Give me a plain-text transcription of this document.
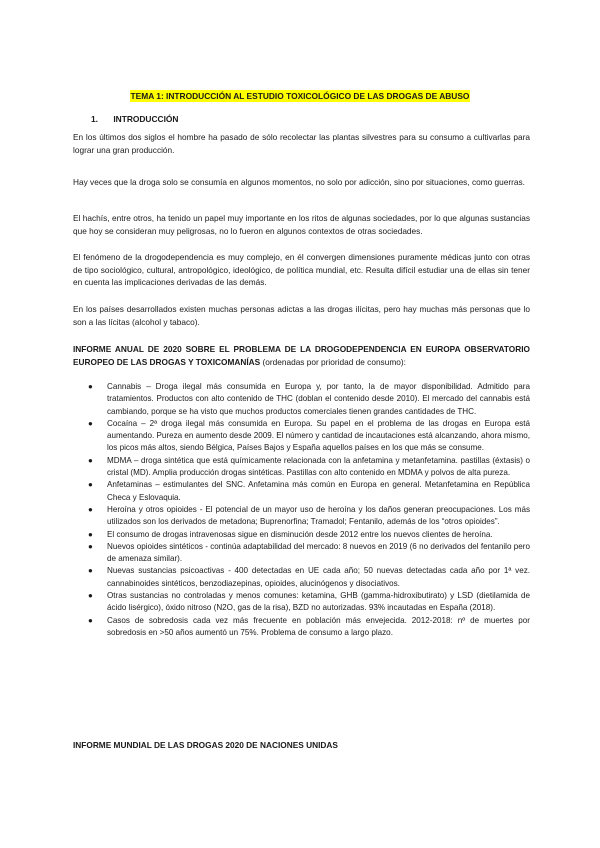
TEMA 1: INTRODUCCIÓN AL ESTUDIO TOXICOLÓGICO DE LAS DROGAS DE ABUSO
1. INTRODUCCIÓN

En los últimos dos siglos el hombre ha pasado de sólo recolectar las plantas silvestres para su consumo a cultivarlas para lograr una gran producción.

Hay veces que la droga solo se consumía en algunos momentos, no solo por adicción, sino por situaciones, como guerras.

El hachís, entre otros, ha tenido un papel muy importante en los ritos de algunas sociedades, por lo que algunas sustancias que hoy se consideran muy peligrosas, no lo fueron en algunos contextos de otras sociedades.

El fenómeno de la drogodependencia es muy complejo, en él convergen dimensiones puramente médicas junto con otras de tipo sociológico, cultural, antropológico, ideológico, de política mundial, etc. Resulta difícil estudiar una de ellas sin tener en cuenta las implicaciones derivadas de las demás.

En los países desarrollados existen muchas personas adictas a las drogas ilícitas, pero hay muchas más personas que lo son a las lícitas (alcohol y tabaco).

INFORME ANUAL DE 2020 SOBRE EL PROBLEMA DE LA DROGODEPENDENCIA EN EUROPA OBSERVATORIO EUROPEO DE LAS DROGAS Y TOXICOMANÍAS (ordenadas por prioridad de consumo):

● Cannabis – Droga ilegal más consumida en Europa y, por tanto, la de mayor disponibilidad. Admitido para tratamientos. Productos con alto contenido de THC (doblan el contenido desde 2010). El mercado del cannabis está cambiando, porque se ha visto que muchos productos comerciales tienen grandes cantidades de THC.
● Cocaína – 2ª droga ilegal más consumida en Europa. Su papel en el problema de las drogas en Europa está aumentando. Pureza en aumento desde 2009. El número y cantidad de incautaciones está alcanzando, ahora mismo, los picos más altos, siendo Bélgica, Países Bajos y España aquellos países en los que más se consume.
● MDMA – droga sintética que está químicamente relacionada con la anfetamina y metanfetamina. pastillas (éxtasis) o cristal (MD). Amplia producción drogas sintéticas. Pastillas con alto contenido en MDMA y polvos de alta pureza.
● Anfetaminas – estimulantes del SNC. Anfetamina más común en Europa en general. Metanfetamina en República Checa y Eslovaquia.
● Heroína y otros opioides - El potencial de un mayor uso de heroína y los daños generan preocupaciones. Los más utilizados son los derivados de metadona; Buprenorfina; Tramadol; Fentanilo, además de los “otros opioides”.
● El consumo de drogas intravenosas sigue en disminución desde 2012 entre los nuevos clientes de heroína.
● Nuevos opioides sintéticos - continúa adaptabilidad del mercado: 8 nuevos en 2019 (6 no derivados del fentanilo pero de amenaza similar).
● Nuevas sustancias psicoactivas - 400 detectadas en UE cada año; 50 nuevas detectadas cada año por 1ª vez. cannabinoides sintéticos, benzodiazepinas, opioides, alucinógenos y disociativos.
● Otras sustancias no controladas y menos comunes: ketamina, GHB (gamma-hidroxibutirato) y LSD (dietilamida de ácido lisérgico), óxido nitroso (N2O, gas de la risa), BZD no autorizadas. 93% incautadas en España (2018).
● Casos de sobredosis cada vez más frecuente en población más envejecida. 2012-2018: nº de muertes por sobredosis en >50 años aumentó un 75%. Problema de consumo a largo plazo.

INFORME MUNDIAL DE LAS DROGAS 2020 DE NACIONES UNIDAS
